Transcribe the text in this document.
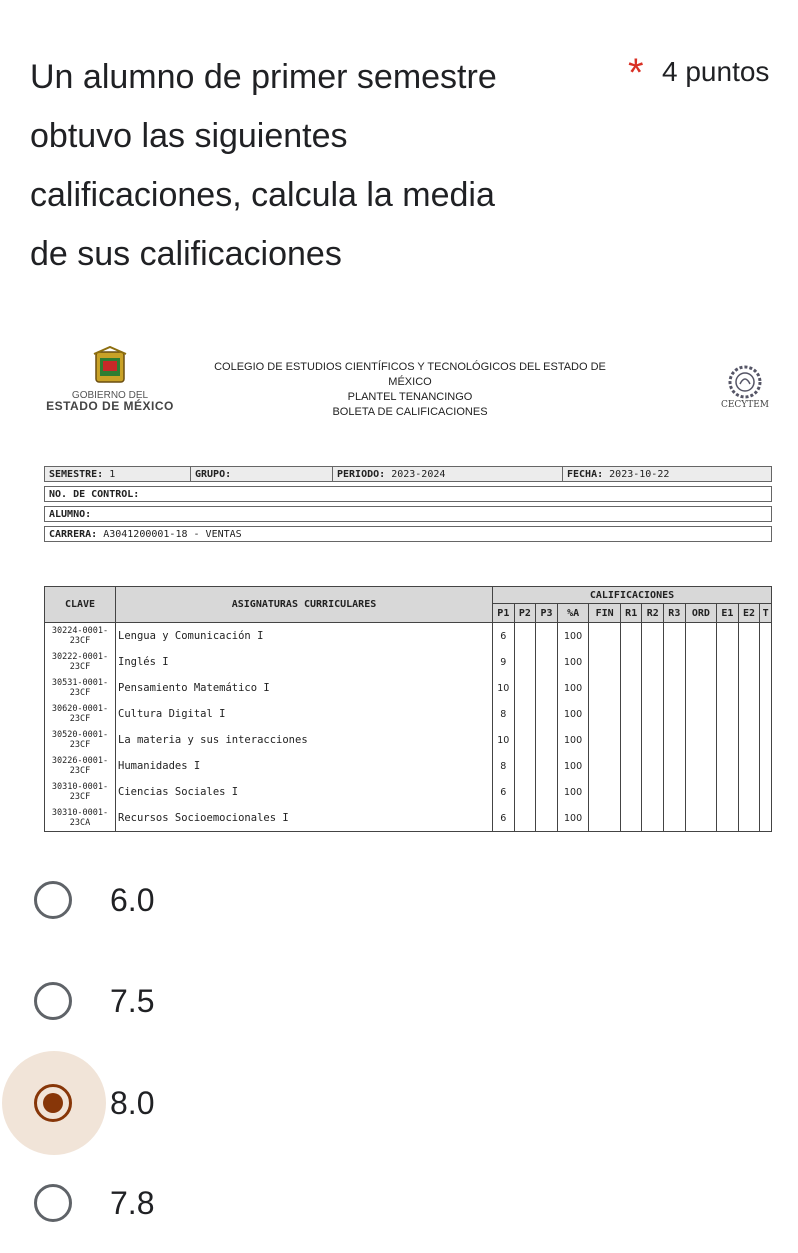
Un alumno de primer semestre
obtuvo las siguientes
calificaciones, calcula la media
de sus calificaciones
* 4 puntos
GOBIERNO DEL
ESTADO DE MÉXICO
COLEGIO DE ESTUDIOS CIENTÍFICOS Y TECNOLÓGICOS DEL ESTADO DE MÉXICO
PLANTEL TENANCINGO
BOLETA DE CALIFICACIONES
CECYTEM
SEMESTRE: 1	GRUPO:	PERIODO: 2023-2024	FECHA: 2023-10-22
NO. DE CONTROL:
ALUMNO:
CARRERA: A3041200001-18 - VENTAS
CLAVE	ASIGNATURAS CURRICULARES	CALIFICACIONES											
		P1	P2	P3	%A	FIN	R1	R2	R3	ORD	E1	E2	T

30224-0001-
23CF	Lengua y Comunicación I	6			100								

30222-0001-
23CF	Inglés I	9			100								

30531-0001-
23CF	Pensamiento Matemático I	10			100								

30620-0001-
23CF	Cultura Digital I	8			100								

30520-0001-
23CF	La materia y sus interacciones	10			100								

30226-0001-
23CF	Humanidades I	8			100								

30310-0001-
23CF	Ciencias Sociales I	6			100								

30310-0001-
23CA	Recursos Socioemocionales I	6			100								
6.0
7.5
8.0
7.8
